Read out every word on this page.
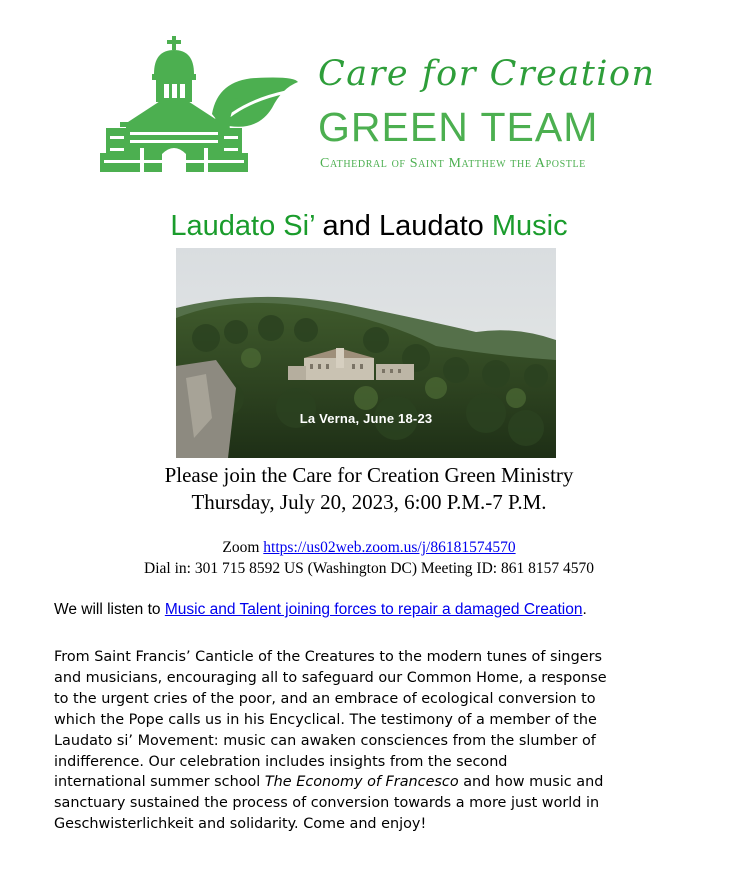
Care for Creation
GREEN TEAM
Cathedral of Saint Matthew the Apostle
Laudato Si’ and Laudato Music
La Verna, June 18-23
Please join the Care for Creation Green Ministry
Thursday, July 20, 2023, 6:00 P.M.-7 P.M.
Zoom https://us02web.zoom.us/j/86181574570
Dial in: 301 715 8592 US (Washington DC) Meeting ID: 861 8157 4570
We will listen to Music and Talent joining forces to repair a damaged Creation.
From Saint Francis’ Canticle of the Creatures to the modern tunes of singers
and musicians, encouraging all to safeguard our Common Home, a response
to the urgent cries of the poor, and an embrace of ecological conversion to
which the Pope calls us in his Encyclical. The testimony of a member of the
Laudato si’ Movement: music can awaken consciences from the slumber of
indifference. Our celebration includes insights from the second
international summer school The Economy of Francesco and how music and
sanctuary sustained the process of conversion towards a more just world in
Geschwisterlichkeit and solidarity. Come and enjoy!
